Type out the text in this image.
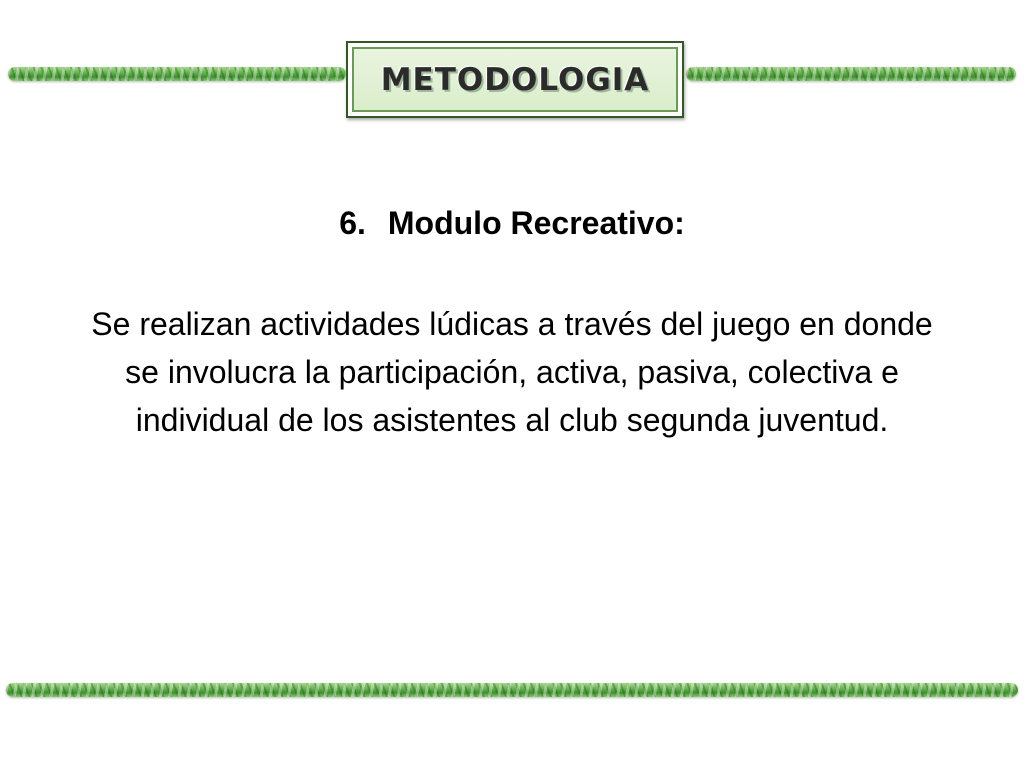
METODOLOGIA
6. Modulo Recreativo:

Se realizan actividades lúdicas a través del juego en donde se involucra la participación, activa, pasiva, colectiva e individual de los asistentes al club segunda juventud.
